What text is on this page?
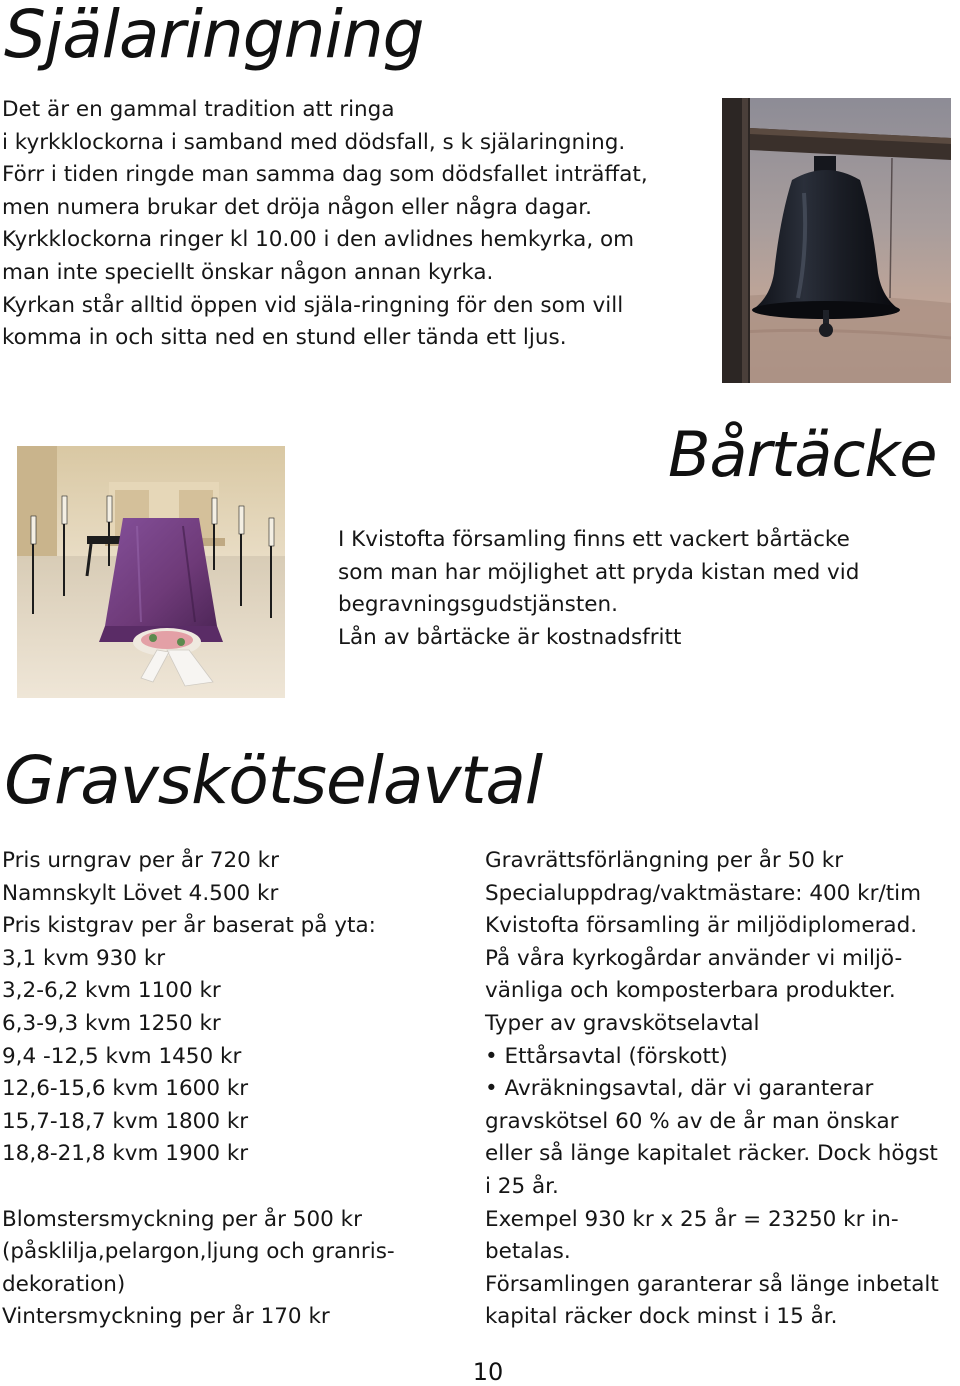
Själaringning
Det är en gammal tradition att ringa
i kyrkklockorna i samband med dödsfall, s k själaringning.
Förr i tiden ringde man samma dag som dödsfallet inträffat,
men numera brukar det dröja någon eller några dagar.
Kyrkklockorna ringer kl 10.00 i den avlidnes hemkyrka, om
man inte speciellt önskar någon annan kyrka.
Kyrkan står alltid öppen vid själa-ringning för den som vill
komma in och sitta ned en stund eller tända ett ljus.
Bårtäcke
I Kvistofta församling finns ett vackert bårtäcke
som man har möjlighet att pryda kistan med vid
begravningsgudstjänsten.
Lån av bårtäcke är kostnadsfritt
Gravskötselavtal
Pris urngrav per år 720 kr
Namnskylt Lövet 4.500 kr
Pris kistgrav per år baserat på yta:
3,1 kvm 930 kr
3,2-6,2 kvm 1100 kr
6,3-9,3 kvm 1250 kr
9,4 -12,5 kvm 1450 kr
12,6-15,6 kvm 1600 kr
15,7-18,7 kvm 1800 kr
18,8-21,8 kvm 1900 kr
Blomstersmyckning per år 500 kr
(påsklilja,pelargon,ljung och granris-
dekoration)
Vintersmyckning per år 170 kr
Gravrättsförlängning per år 50 kr
Specialuppdrag/vaktmästare: 400 kr/tim
Kvistofta församling är miljödiplomerad.
På våra kyrkogårdar använder vi miljö-
vänliga och komposterbara produkter.
Typer av gravskötselavtal
• Ettårsavtal (förskott)
• Avräkningsavtal, där vi garanterar
gravskötsel 60 % av de år man önskar
eller så länge kapitalet räcker. Dock högst
i 25 år.
Exempel 930 kr x 25 år = 23250 kr in-
betalas.
Församlingen garanterar så länge inbetalt
kapital räcker dock minst i 15 år.
10
